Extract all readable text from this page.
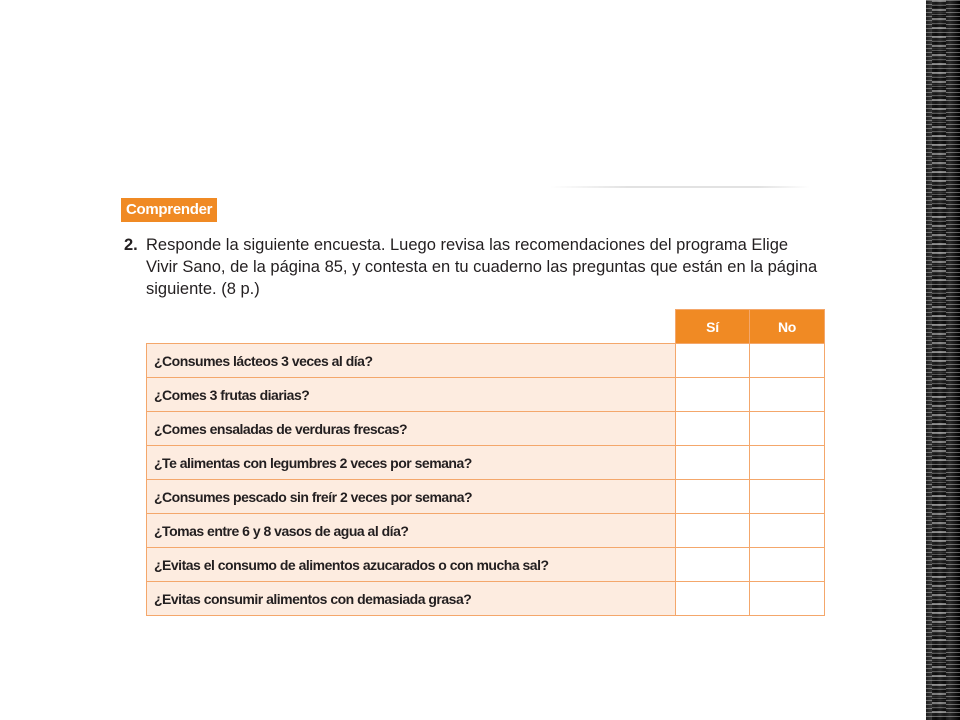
Comprender
2. Responde la siguiente encuesta. Luego revisa las recomendaciones del programa Elige Vivir Sano, de la página 85, y contesta en tu cuaderno las preguntas que están en la página siguiente. (8 p.)
	Sí	No
¿Consumes lácteos 3 veces al día?		
¿Comes 3 frutas diarias?		
¿Comes ensaladas de verduras frescas?		
¿Te alimentas con legumbres 2 veces por semana?		
¿Consumes pescado sin freír 2 veces por semana?		
¿Tomas entre 6 y 8 vasos de agua al día?		
¿Evitas el consumo de alimentos azucarados o con mucha sal?		
¿Evitas consumir alimentos con demasiada grasa?		
